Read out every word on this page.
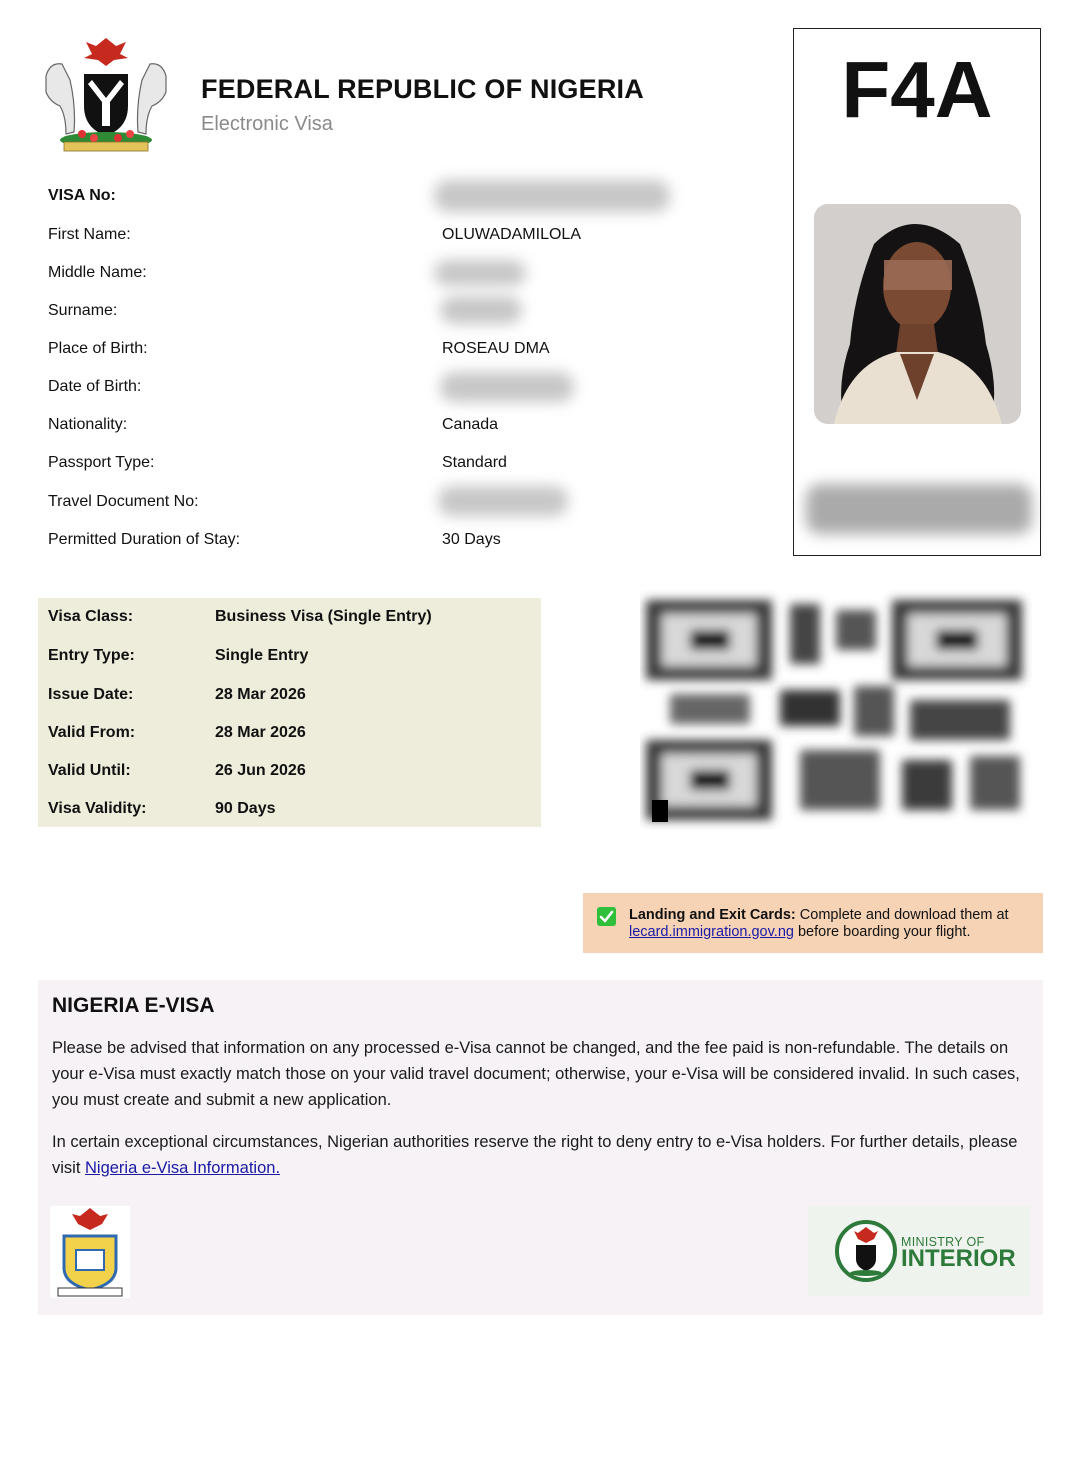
FEDERAL REPUBLIC OF NIGERIA
Electronic Visa
VISA No:
First Name:	OLUWADAMILOLA
Middle Name:
Surname:
Place of Birth:	ROSEAU DMA
Date of Birth:
Nationality:	Canada
Passport Type:	Standard
Travel Document No:
Permitted Duration of Stay:	30 Days
F4A
Visa Class:	Business Visa (Single Entry)
Entry Type:	Single Entry
Issue Date:	28 Mar 2026
Valid From:	28 Mar 2026
Valid Until:	26 Jun 2026
Visa Validity:	90 Days
Landing and Exit Cards: Complete and download them at lecard.immigration.gov.ng before boarding your flight.
NIGERIA E-VISA
Please be advised that information on any processed e-Visa cannot be changed, and the fee paid is non-refundable. The details on your e-Visa must exactly match those on your valid travel document; otherwise, your e-Visa will be considered invalid. In such cases, you must create and submit a new application.
In certain exceptional circumstances, Nigerian authorities reserve the right to deny entry to e-Visa holders. For further details, please visit Nigeria e-Visa Information.
MINISTRY OF
INTERIOR
